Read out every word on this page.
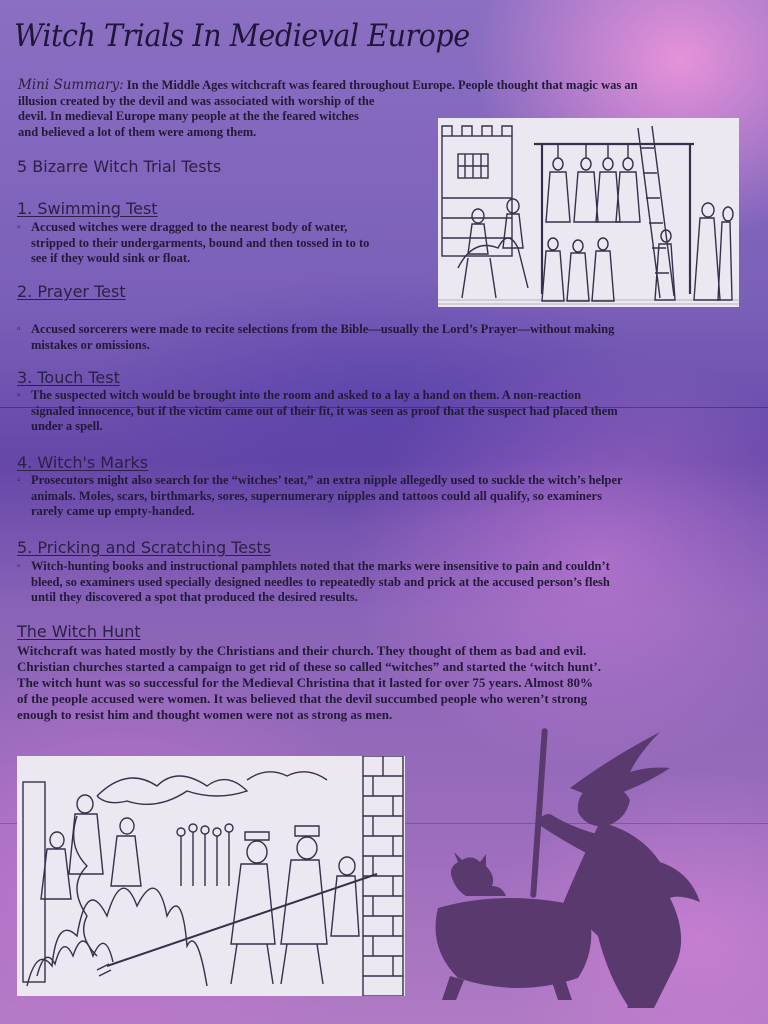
Witch Trials In Medieval Europe
Mini Summary: In the Middle Ages witchcraft was feared throughout Europe. People thought that magic was an
illusion created by the devil and was associated with worship of the
devil. In medieval Europe many people at the the feared witches
and believed a lot of them were among them.
5 Bizarre Witch Trial Tests
1. Swimming Test
▫ Accused witches were dragged to the nearest body of water,
stripped to their undergarments, bound and then tossed in to to
see if they would sink or float.
2. Prayer Test
▫ Accused sorcerers were made to recite selections from the Bible—usually the Lord’s Prayer—without making
mistakes or omissions.
3. Touch Test
▫ The suspected witch would be brought into the room and asked to a lay a hand on them. A non-reaction
signaled innocence, but if the victim came out of their fit, it was seen as proof that the suspect had placed them
under a spell.
4. Witch's Marks
▫ Prosecutors might also search for the “witches’ teat,” an extra nipple allegedly used to suckle the witch’s helper
animals. Moles, scars, birthmarks, sores, supernumerary nipples and tattoos could all qualify, so examiners
rarely came up empty-handed.
5. Pricking and Scratching Tests
▫ Witch-hunting books and instructional pamphlets noted that the marks were insensitive to pain and couldn’t
bleed, so examiners used specially designed needles to repeatedly stab and prick at the accused person’s flesh
until they discovered a spot that produced the desired results.
The Witch Hunt
Witchcraft was hated mostly by the Christians and their church. They thought of them as bad and evil.
Christian churches started a campaign to get rid of these so called “witches” and started the ‘witch hunt’.
The witch hunt was so successful for the Medieval Christina that it lasted for over 75 years. Almost 80%
of the people accused were women. It was believed that the devil succumbed people who weren’t strong
enough to resist him and thought women were not as strong as men.
